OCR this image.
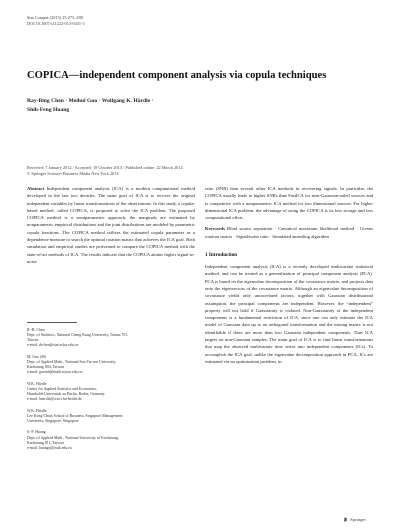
Stat Comput (2015) 25:273–288
DOI 10.1007/s11222-013-9431-3
COPICA—independent component analysis via copula techniques
Ray-Bing Chen · Meihui Guo · Wolfgang K. Härdle ·
Shih-Feng Huang
Received: 7 January 2012 / Accepted: 18 October 2013 / Published online: 22 March 2014
© Springer Science+Business Media New York 2014
Abstract Independent component analysis (ICA) is a modern computational method developed in the last two decades. The main goal of ICA is to recover the original independent variables by linear transformations of the observations. In this study, a copula-based method, called COPICA, is proposed to solve the ICA problem. The proposed COPICA method is a semiparametric approach, the marginals are estimated by nonparametric empirical distributions and the joint distributions are modeled by parametric copula functions. The COPICA method utilizes the estimated copula parameter as a dependence measure to search the optimal rotation matrix that achieves the ICA goal. Both simulation and empirical studies are performed to compare the COPICA method with the state-of-art methods of ICA. The results indicate that the COPICA attains higher signal-to-noise
ratio (SNR) than several other ICA methods in recovering signals. In particular, the COPICA usually leads to higher SNRs than FastICA for near-Gaussian-tailed sources and is competitive with a nonparametric ICA method for two dimensional sources. For higher dimensional ICA problem, the advantage of using the COPICA is its less storage and less computational effort.
Keywords Blind source separation · Canonical maximum likelihood method · Givens rotation matrix · Signal/noise ratio · Simulated annealing algorithm
1 Introduction
Independent component analysis (ICA) is a recently developed multivariate statistical method, and can be treated as a generalization of principal component analysis (PCA). PCA is based on the eigenvalue decomposition of the covariance matrix, and projects data onto the eigenvectors of the covariance matrix. Although an eigenvalue decomposition of covariance yields only uncorrelated factors, together with Gaussian distributional assumption, the principal components are independent. However, the “independent” property will not hold if Gaussianity is violated. Non-Gaussianity of the independent components is a fundamental restriction of ICA, since one can only estimate the ICA model of Gaussian data up to an orthogonal transformation and the mixing matrix is not identifiable if there are more than two Gaussian independent components. Thus ICA targets on non-Gaussian samples. The main goal of ICA is to find linear transformations that map the observed multivariate time series into independent components (ICs). To accomplish the ICA goal, unlike the eigenvalue decomposition approach in PCA, ICs are estimated via an optimization problem, in
R.-B. Chen
Dept. of Statistics, National Cheng Kung University, Tainan 701,
Taiwan
e-mail: rbchen@stat.ncku.edu.tw
M. Guo (✉)
Dept. of Applied Math., National Sun Yat-sen University,
Kaohsiung 804, Taiwan
e-mail: guomh@math.nsysu.edu.tw
W.K. Härdle
Center for Applied Statistics and Economics,
Humboldt-Universität zu Berlin, Berlin, Germany
e-mail: haerdle@wiwi.hu-berlin.de
W.K. Härdle
Lee Kong Chian School of Business, Singapore Management
University, Singapore, Singapore
S.-F. Huang
Dept. of Applied Math., National University of Kaohsiung,
Kaohsiung 811, Taiwan
e-mail: huangsf@nuk.edu.tw
Springer
